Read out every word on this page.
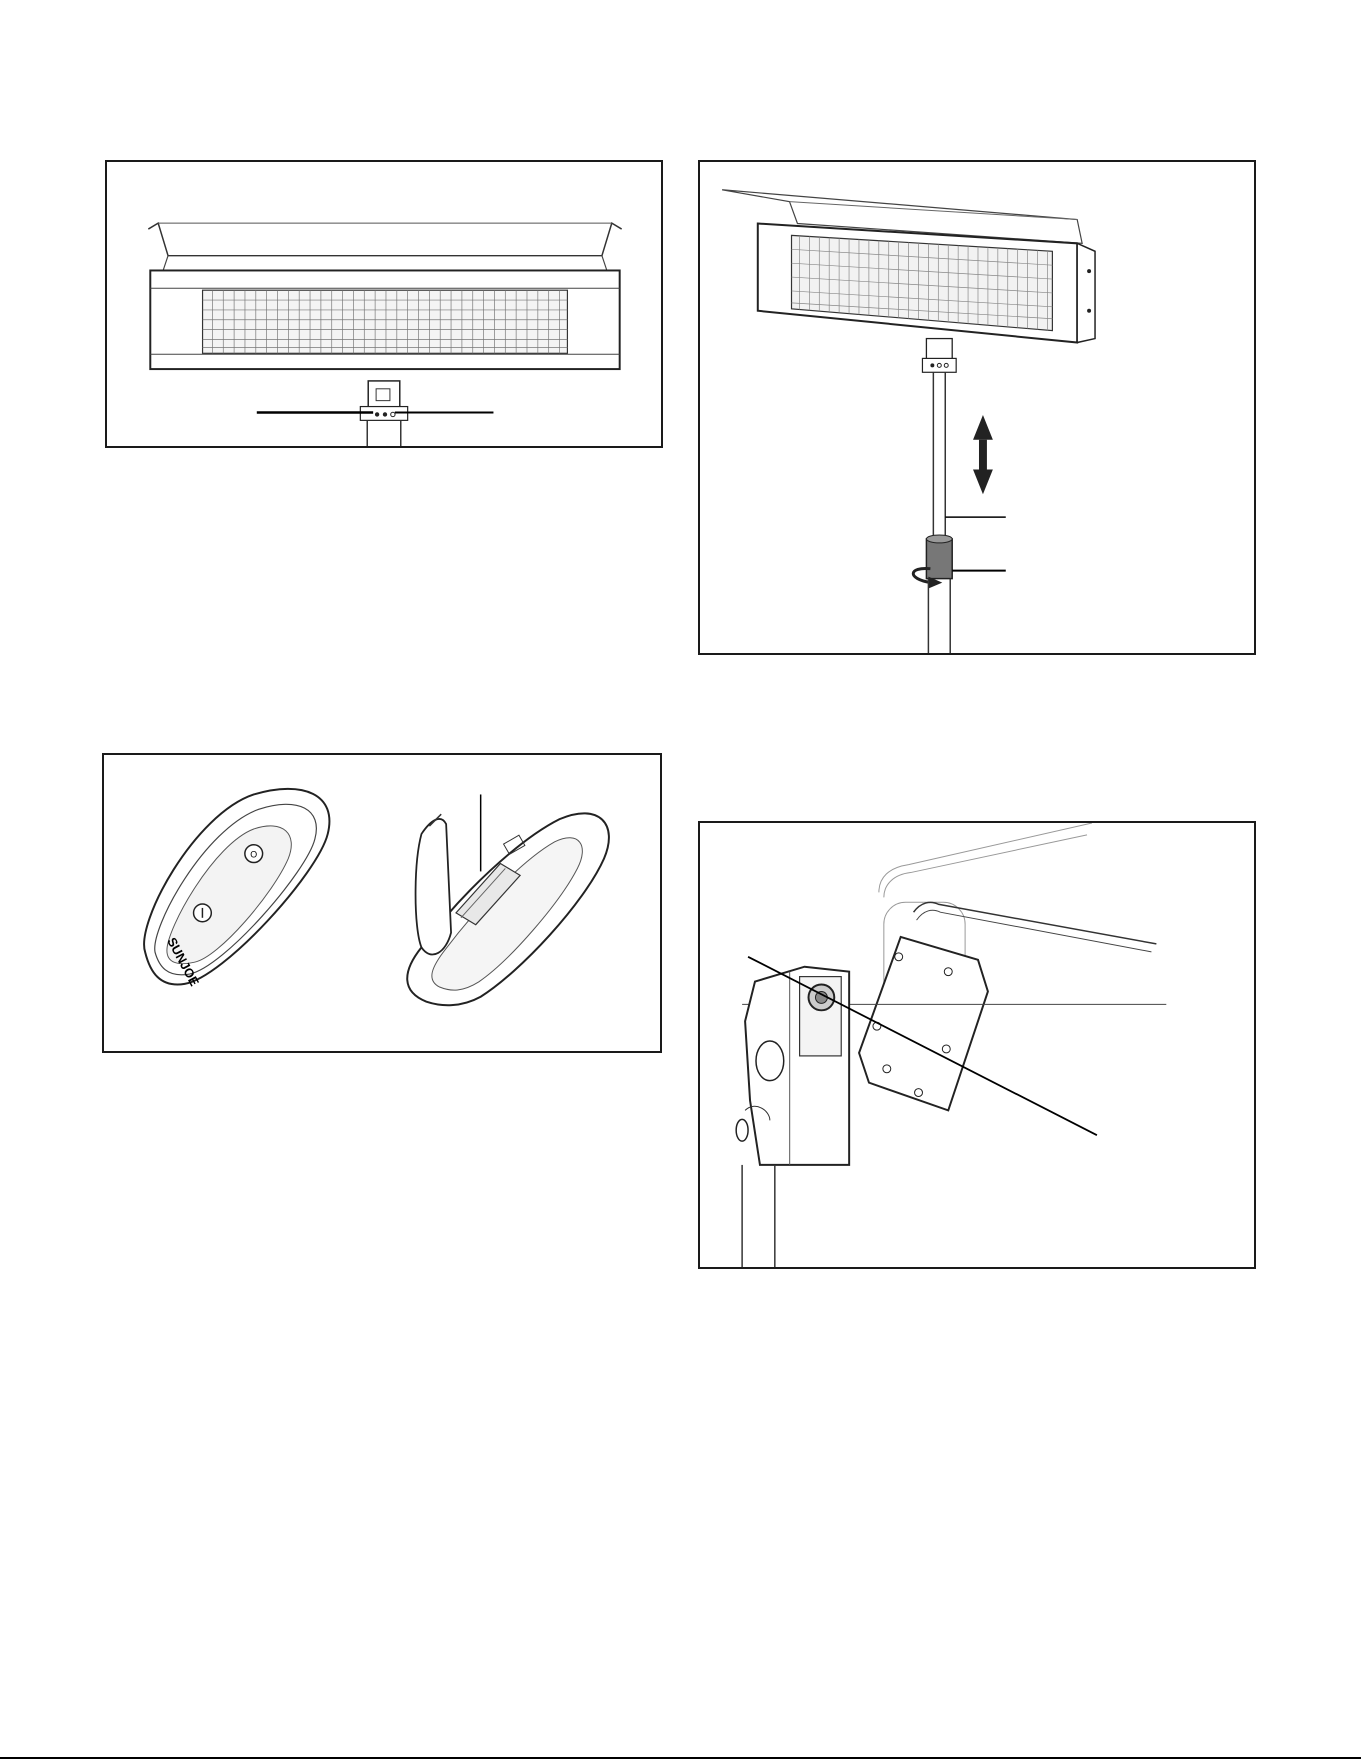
O
SUNJOE
